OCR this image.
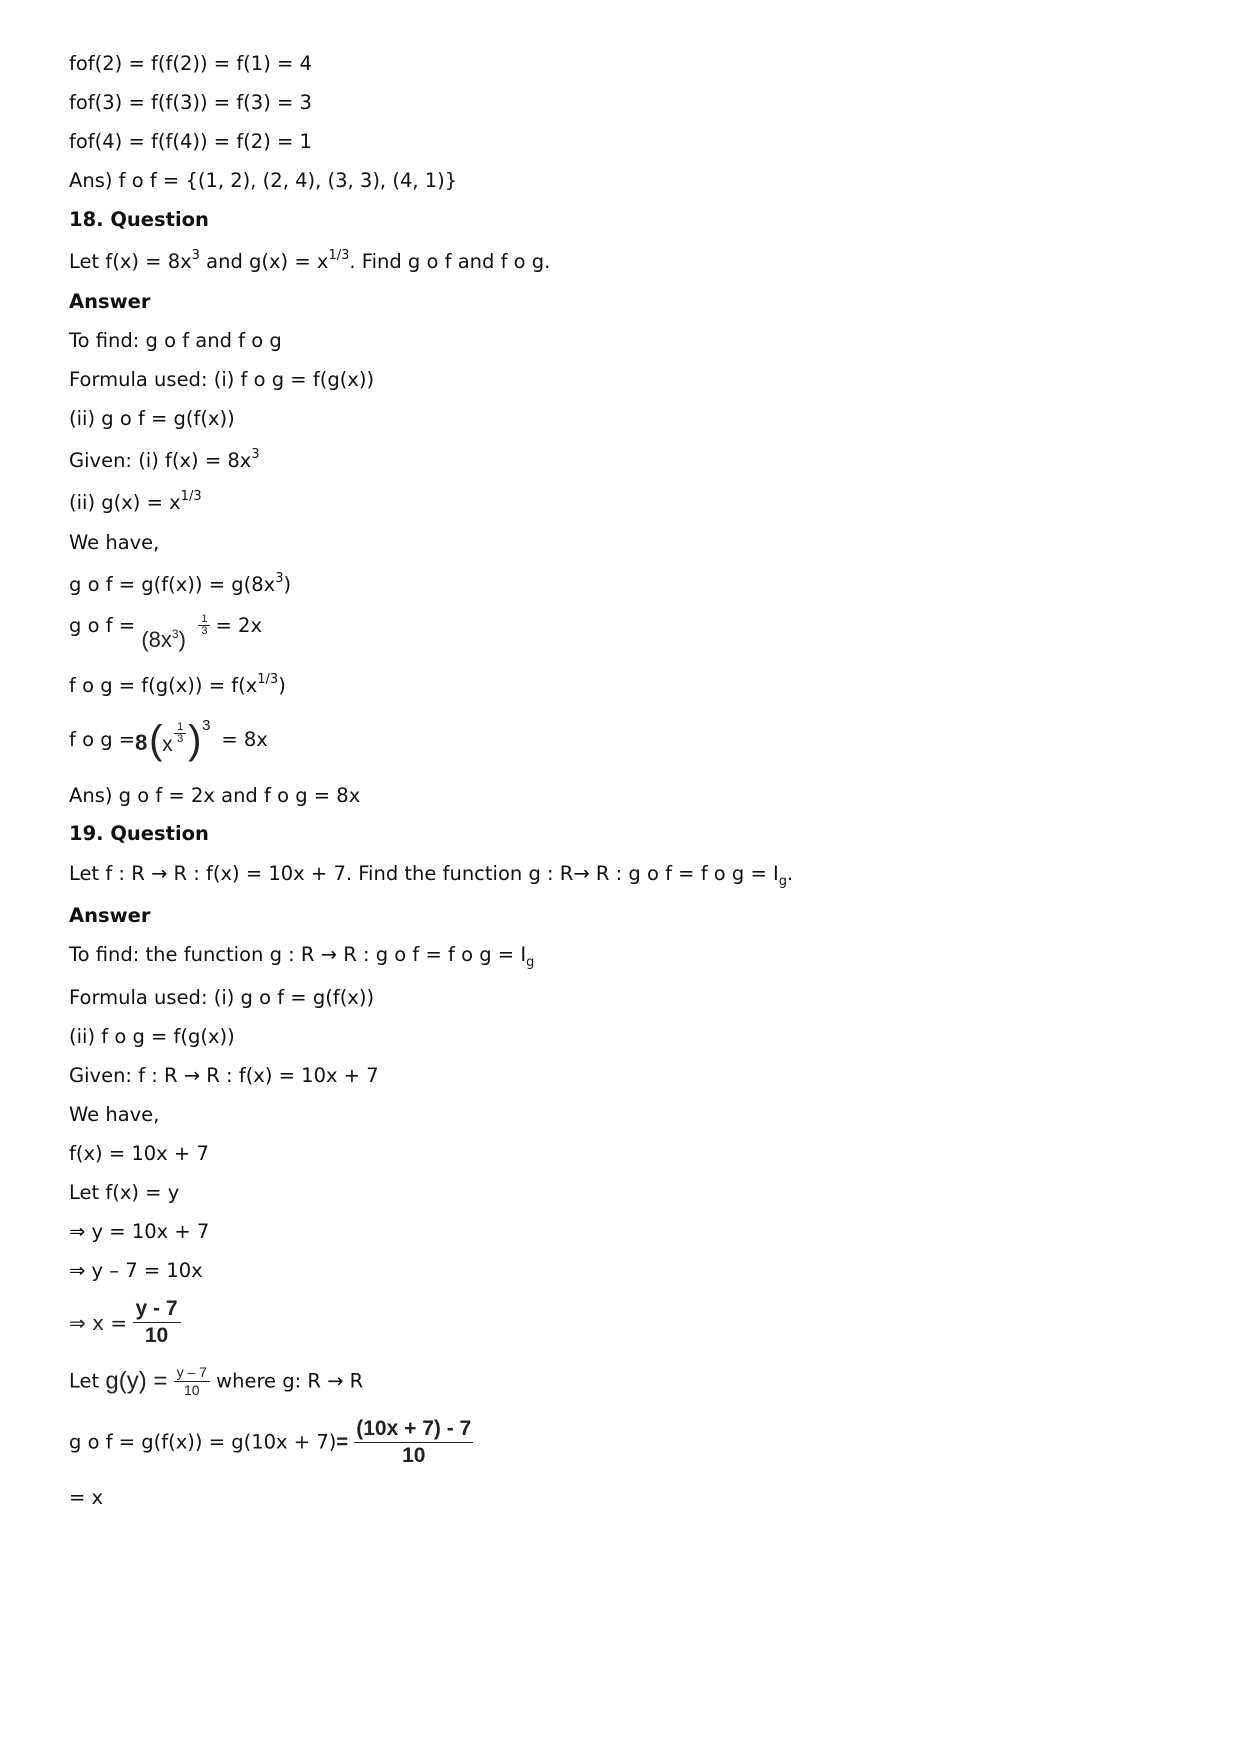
fof(2) = f(f(2)) = f(1) = 4
fof(3) = f(f(3)) = f(3) = 3
fof(4) = f(f(4)) = f(2) = 1
Ans) f o f = {(1, 2), (2, 4), (3, 3), (4, 1)}
18. Question
Let $f(x) = 8x^3$ and $g(x) = x^{1/3}$. Find g o f and f o g.
Answer
To find: g o f and f o g
Formula used: (i) f o g = f(g(x))
(ii) g o f = g(f(x))
Given: (i) $f(x) = 8x^3$
(ii) $g(x) = x^{1/3}$
We have,
g o $f = g(f(x)) = g(8x^3)$
g o f =
$(8x^3)$
$\frac{1}{3} = 2x$
f o $g = f(g(x)) = f(x^{1/3})$
f o g = 8 ( x $\frac{1}{3}$ ) 3
= 8x
Ans) g o f = 2x and f o g = 8x
19. Question
Let f : R → R : f(x) = 10x + 7. Find the function g : R→ R : g o f = f o $g = I_g$.
Answer
To find: the function g : R → R : g o f = f o $g = I_g$
Formula used: (i) g o f = g(f(x))
(ii) f o g = f(g(x))
Given: f : R → R : f(x) = 10x + 7
We have,
f(x) = 10x + 7
Let f(x) = y
⇒ y = 10x + 7
⇒ y – 7 = 10x
⇒ $x = \frac{y - 7}{10}$
Let $g(y) = \frac{y - 7}{10}$ where g: R → R
g o $f = g(f(x)) = g(10x + 7)= \frac{(10x + 7) - 7}{10}$
= x
